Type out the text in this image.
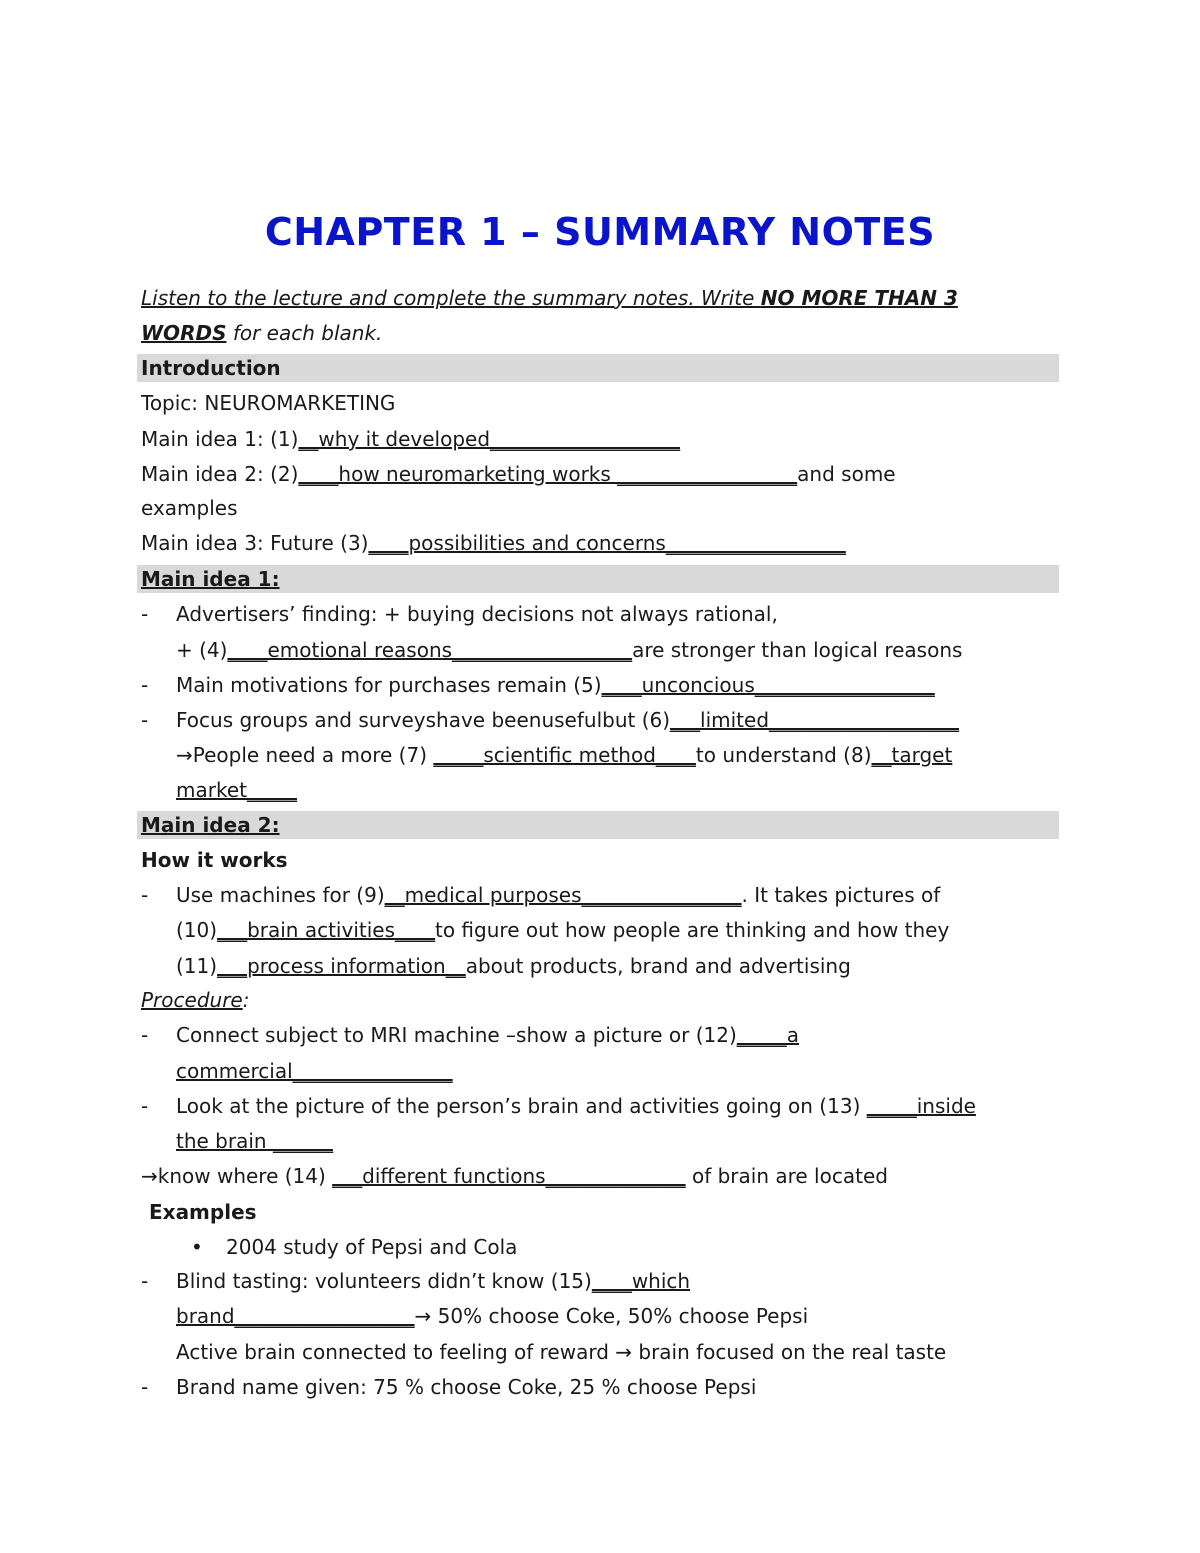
CHAPTER 1 – SUMMARY NOTES
Listen to the lecture and complete the summary notes. Write NO MORE THAN 3
WORDS for each blank.
Introduction
Topic: NEUROMARKETING
Main idea 1: (1)__why it developed___________________
Main idea 2: (2)____how neuromarketing works __________________and some
examples
Main idea 3: Future (3)____possibilities and concerns__________________
Main idea 1:
- Advertisers’ finding: + buying decisions not always rational,
+ (4)____emotional reasons__________________are stronger than logical reasons
- Main motivations for purchases remain (5)____unconcious__________________
- Focus groups and surveyshave beenusefulbut (6)___limited___________________
→People need a more (7) _____scientific method____to understand (8)__target
market_____
Main idea 2:
How it works
- Use machines for (9)__medical purposes________________. It takes pictures of
(10)___brain activities____to figure out how people are thinking and how they
(11)___process information__about products, brand and advertising
Procedure:
- Connect subject to MRI machine –show a picture or (12)_____a
commercial________________
- Look at the picture of the person’s brain and activities going on (13) _____inside
the brain ______
→know where (14) ___different functions______________ of brain are located
Examples
• 2004 study of Pepsi and Cola
- Blind tasting: volunteers didn’t know (15)____which
brand__________________→ 50% choose Coke, 50% choose Pepsi
Active brain connected to feeling of reward → brain focused on the real taste
- Brand name given: 75 % choose Coke, 25 % choose Pepsi
